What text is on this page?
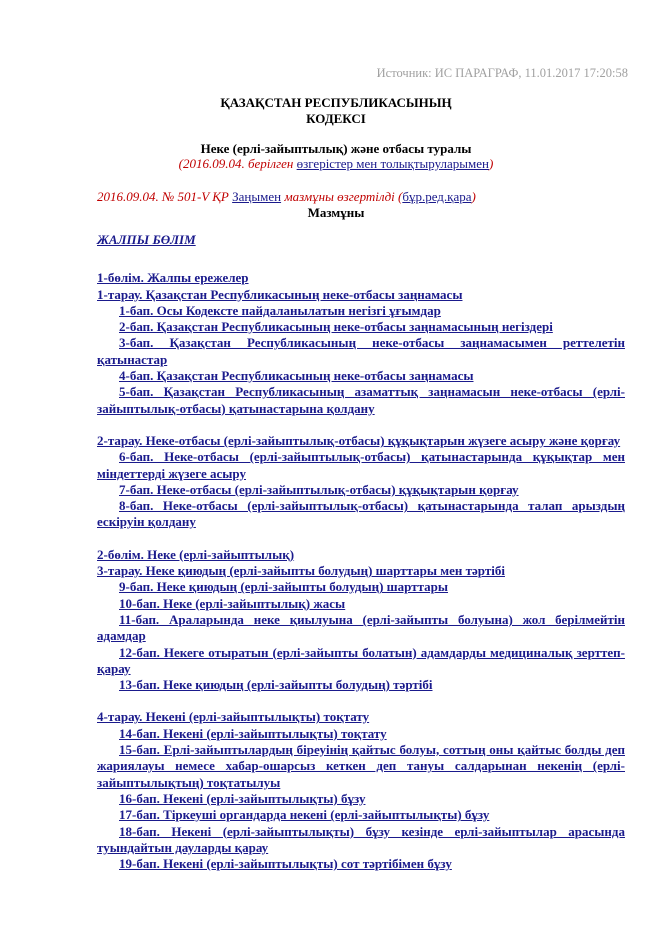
Источник: ИС ПАРАГРАФ, 11.01.2017 17:20:58
ҚАЗАҚСТАН РЕСПУБЛИКАСЫНЫҢ
КОДЕКСІ
Неке (ерлі-зайыптылық) және отбасы туралы
(2016.09.04. берілген өзгерістер мен толықтыруларымен)
2016.09.04. № 501-V ҚР Заңымен мазмұны өзгертілді (бұр.ред.қара)
Мазмұны
ЖАЛПЫ БӨЛІМ
1-бөлім. Жалпы ережелер
1-тарау. Қазақстан Республикасының неке-отбасы заңнамасы
1-бап. Осы Кодексте пайдаланылатын негізгі ұғымдар
2-бап. Қазақстан Республикасының неке-отбасы заңнамасының негіздері
3-бап. Қазақстан Республикасының неке-отбасы заңнамасымен реттелетін қатынастар
4-бап. Қазақстан Республикасының неке-отбасы заңнамасы
5-бап. Қазақстан Республикасының азаматтық заңнамасын неке-отбасы (ерлі-зайыптылық-отбасы) қатынастарына қолдану
2-тарау. Неке-отбасы (ерлі-зайыптылық-отбасы) құқықтарын жүзеге асыру және қорғау
6-бап. Неке-отбасы (ерлі-зайыптылық-отбасы) қатынастарында құқықтар мен міндеттерді жүзеге асыру
7-бап. Неке-отбасы (ерлі-зайыптылық-отбасы) құқықтарын қорғау
8-бап. Неке-отбасы (ерлі-зайыптылық-отбасы) қатынастарында талап арыздың ескіруін қолдану
2-бөлім. Неке (ерлі-зайыптылық)
3-тарау. Неке қиюдың (ерлі-зайыпты болудың) шарттары мен тәртібі
9-бап. Неке қиюдың (ерлі-зайыпты болудың) шарттары
10-бап. Неке (ерлі-зайыптылық) жасы
11-бап. Араларында неке қиылуына (ерлі-зайыпты болуына) жол берілмейтін адамдар
12-бап. Некеге отыратын (ерлі-зайыпты болатын) адамдарды медициналық зерттеп-қарау
13-бап. Неке қиюдың (ерлі-зайыпты болудың) тәртібі
4-тарау. Некені (ерлі-зайыптылықты) тоқтату
14-бап. Некені (ерлі-зайыптылықты) тоқтату
15-бап. Ерлі-зайыптылардың біреуінің қайтыс болуы, соттың оны қайтыс болды деп жариялауы немесе хабар-ошарсыз кеткен деп тануы салдарынан некенің (ерлі-зайыптылықтың) тоқтатылуы
16-бап. Некені (ерлі-зайыптылықты) бұзу
17-бап. Тіркеуші органдарда некені (ерлі-зайыптылықты) бұзу
18-бап. Некені (ерлі-зайыптылықты) бұзу кезінде ерлі-зайыптылар арасында туындайтын дауларды қарау
19-бап. Некені (ерлі-зайыптылықты) сот тәртібімен бұзу
